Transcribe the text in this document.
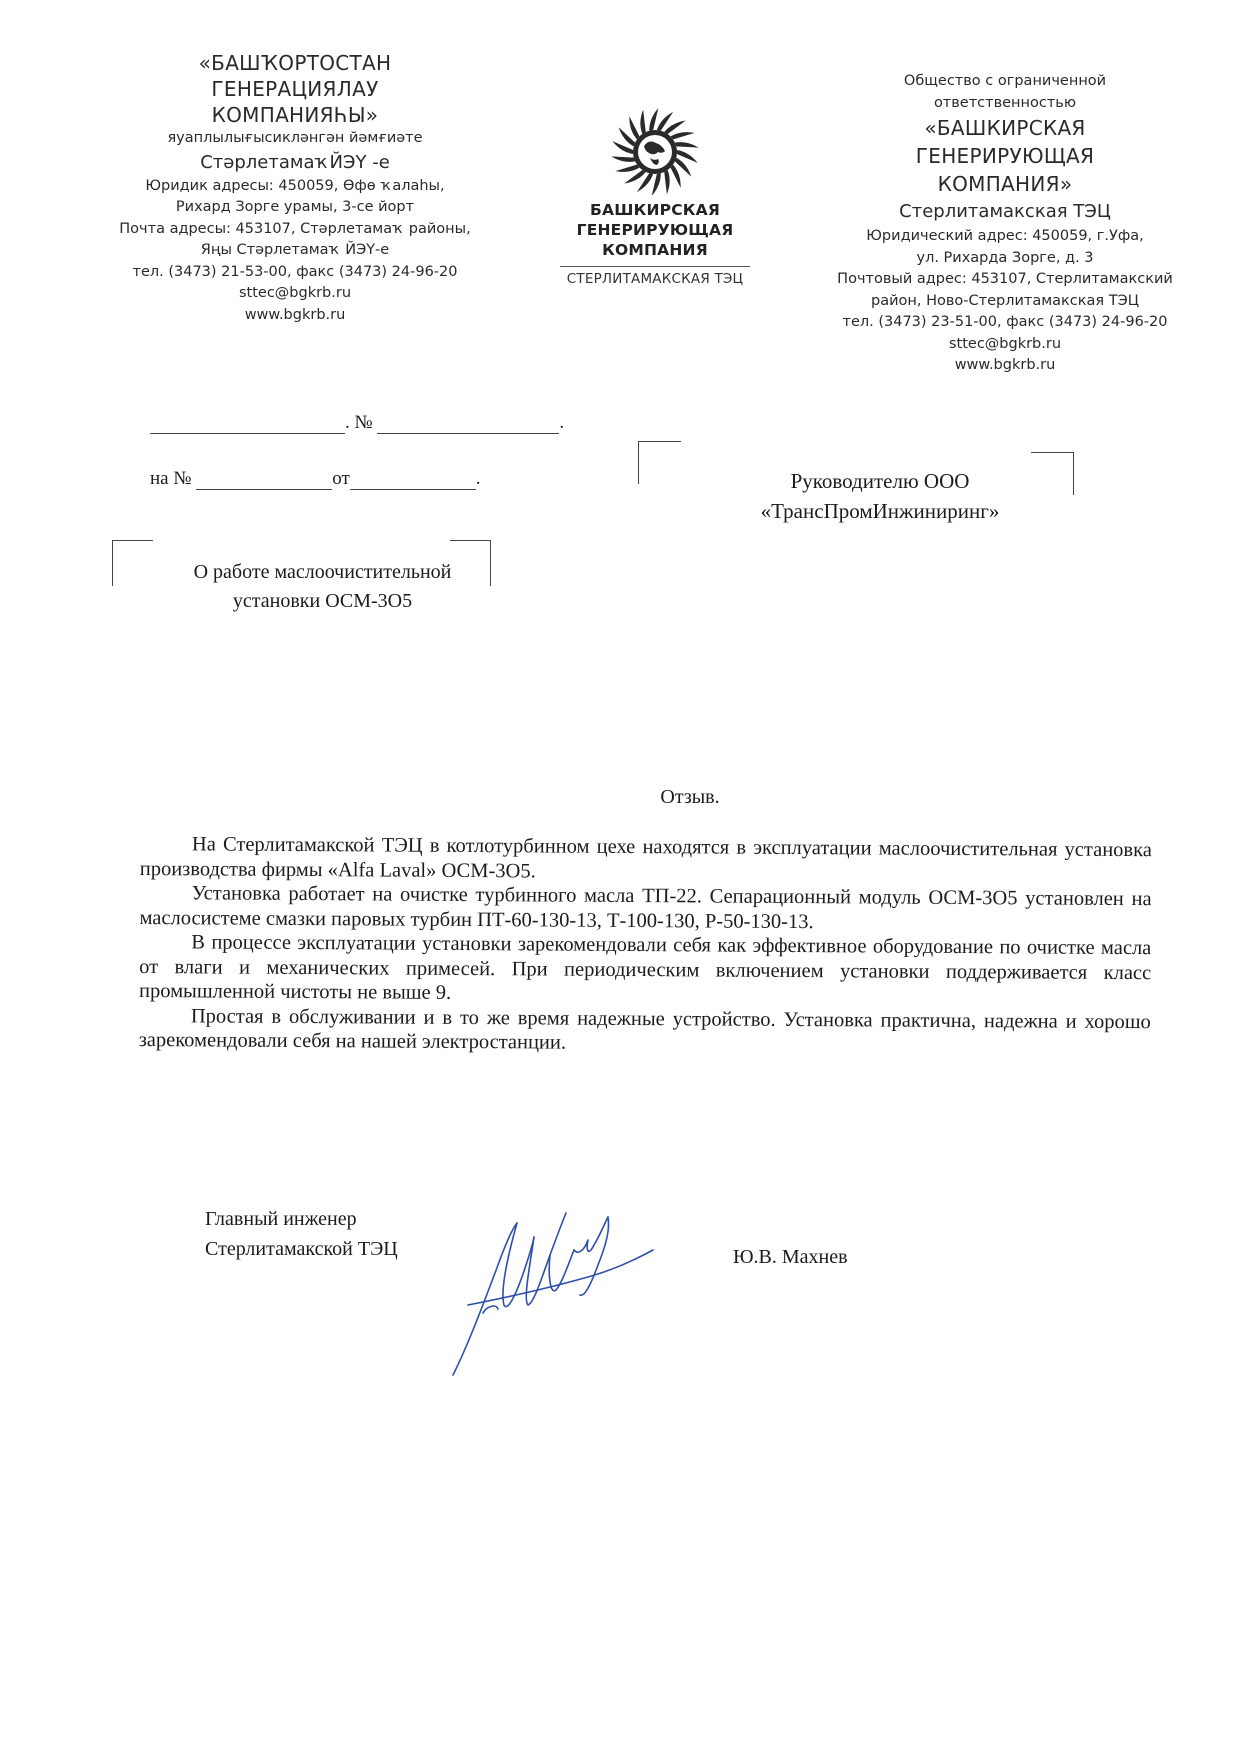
«БАШҠОРТОСТАН
ГЕНЕРАЦИЯЛАУ
КОМПАНИЯҺЫ»
яуаплылығысикләнгән йәмғиәте
СтәрлетамаҡЙЭҮ -е
Юридик адресы: 450059, Өфө ҡалаһы,
Рихард Зорге урамы, 3-се йорт
Почта адресы: 453107, Стәрлетамаҡ районы,
Яңы Стәрлетамаҡ ЙЭҮ-е
тел. (3473) 21-53-00, факс (3473) 24-96-20
sttec@bgkrb.ru
www.bgkrb.ru
БАШКИРСКАЯ
ГЕНЕРИРУЮЩАЯ
КОМПАНИЯ
СТЕРЛИТАМАКСКАЯ ТЭЦ
Общество с ограниченной
ответственностью
«БАШКИРСКАЯ
ГЕНЕРИРУЮЩАЯ
КОМПАНИЯ»
Стерлитамакская ТЭЦ
Юридический адрес: 450059, г.Уфа,
ул. Рихарда Зорге, д. 3
Почтовый адрес: 453107, Стерлитамакский
район, Ново-Стерлитамакская ТЭЦ
тел. (3473) 23-51-00, факс (3473) 24-96-20
sttec@bgkrb.ru
www.bgkrb.ru
. №	.
на №	от	.	Руководителю ООО
«ТрансПромИнжиниринг»
О работе маслоочистительной
установки ОСМ-3О5
Отзыв.

На Стерлитамакской ТЭЦ в котлотурбинном цехе находятся в эксплуатации маслоочистительная установка производства фирмы «Alfa Laval» ОСМ-3О5.

Установка работает на очистке турбинного масла ТП-22. Сепарационный модуль ОСМ-3О5 установлен на маслосистеме смазки паровых турбин ПТ-60-130-13, Т-100-130, Р-50-130-13.

В процессе эксплуатации установки зарекомендовали себя как эффективное оборудование по очистке масла от влаги и механических примесей. При периодическим включением установки поддерживается класс промышленной чистоты не выше 9.

Простая в обслуживании и в то же время надежные устройство. Установка практична, надежна и хорошо зарекомендовали себя на нашей электростанции.

Главный инженер
Стерлитамакской ТЭЦ	Ю.В. Махнев
